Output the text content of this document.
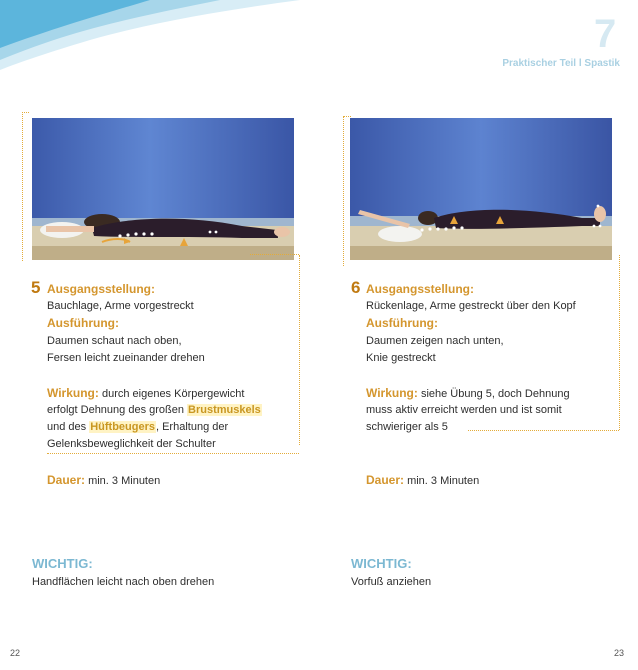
7
Praktischer Teil l Spastik
5 Ausgangsstellung:
Bauchlage, Arme vorgestreckt
Ausführung:
Daumen schaut nach oben,
Fersen leicht zueinander drehen
Wirkung: durch eigenes Körpergewicht
erfolgt Dehnung des großen Brustmuskels
und des Hüftbeugers, Erhaltung der
Gelenksbeweglichkeit der Schulter
Dauer: min. 3 Minuten
WICHTIG:
Handflächen leicht nach oben drehen
6 Ausgangsstellung:
Rückenlage, Arme gestreckt über den Kopf
Ausführung:
Daumen zeigen nach unten,
Knie gestreckt
Wirkung: siehe Übung 5, doch Dehnung
muss aktiv erreicht werden und ist somit
schwieriger als 5
Dauer: min. 3 Minuten
WICHTIG:
Vorfuß anziehen
22	23
